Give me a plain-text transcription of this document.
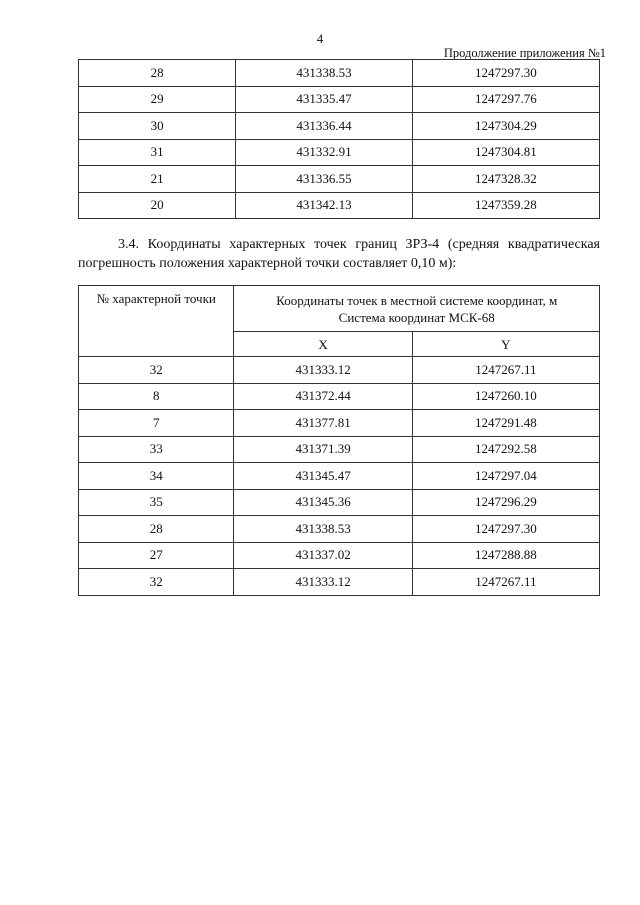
4
Продолжение приложения №1
28	431338.53	1247297.30
29	431335.47	1247297.76
30	431336.44	1247304.29
31	431332.91	1247304.81
21	431336.55	1247328.32
20	431342.13	1247359.28
3.4. Координаты характерных точек границ ЗРЗ-4 (средняя квадратическая погрешность положения характерной точки составляет 0,10 м):
№ характерной точки	Координаты точек в местной системе координат, м
Система координат МСК-68	

	X	Y
32	431333.12	1247267.11
8	431372.44	1247260.10
7	431377.81	1247291.48
33	431371.39	1247292.58
34	431345.47	1247297.04
35	431345.36	1247296.29
28	431338.53	1247297.30
27	431337.02	1247288.88
32	431333.12	1247267.11
